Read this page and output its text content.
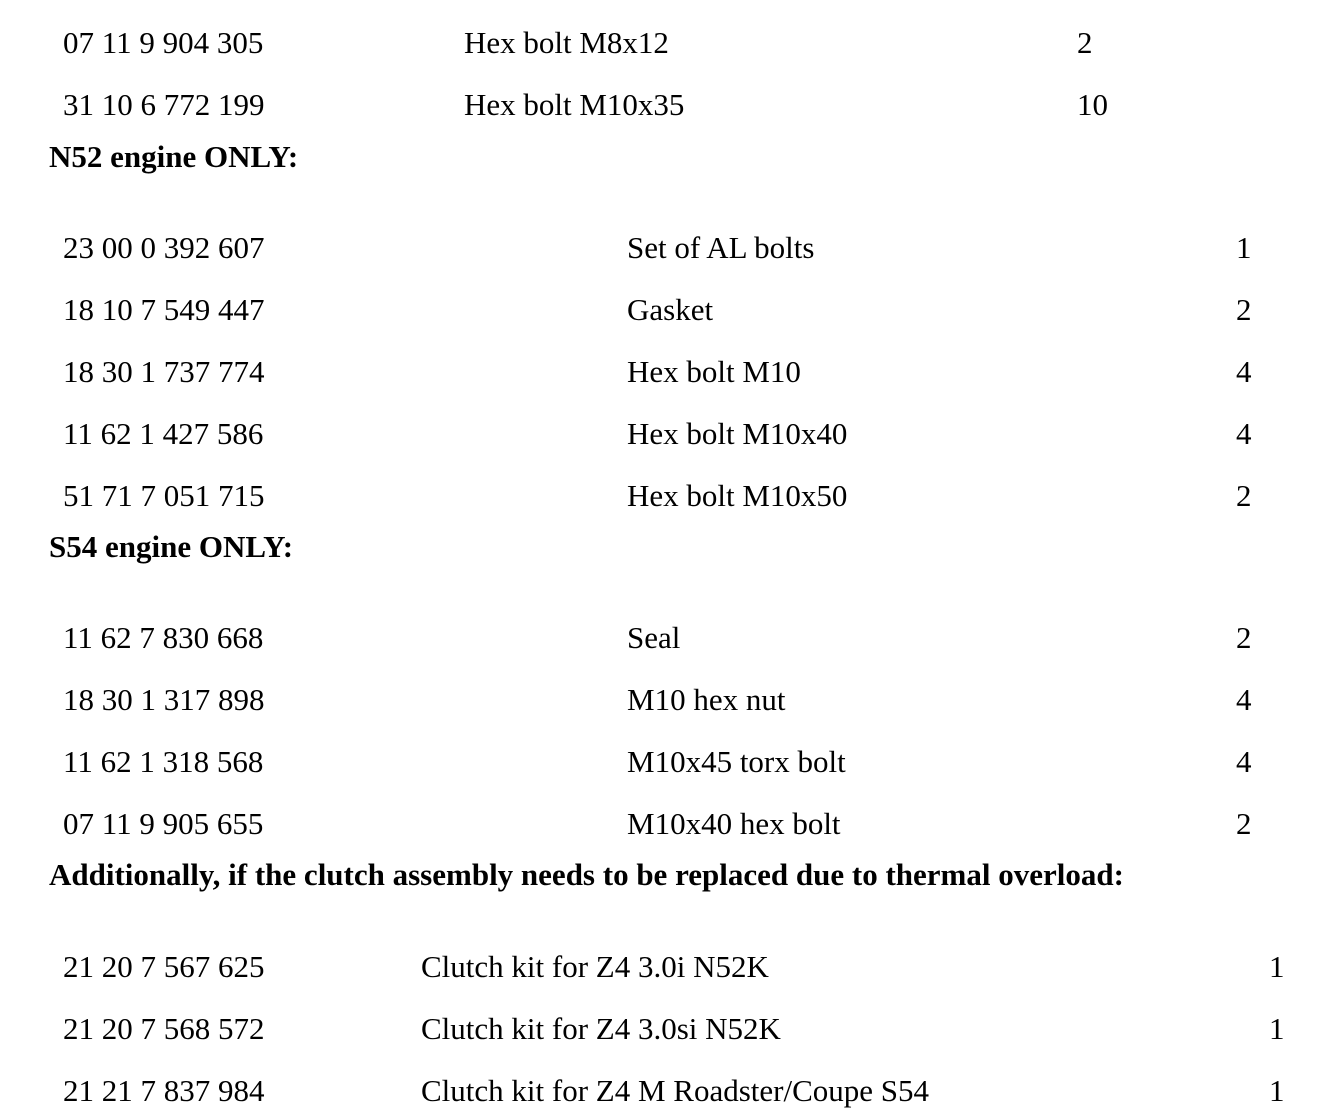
07 11 9 904 305	Hex bolt M8x12	2
31 10 6 772 199	Hex bolt M10x35	10
N52 engine ONLY:
23 00 0 392 607	Set of AL bolts	1
18 10 7 549 447	Gasket	2
18 30 1 737 774	Hex bolt M10	4
11 62 1 427 586	Hex bolt M10x40	4
51 71 7 051 715	Hex bolt M10x50	2
S54 engine ONLY:
11 62 7 830 668	Seal	2
18 30 1 317 898	M10 hex nut	4
11 62 1 318 568	M10x45 torx bolt	4
07 11 9 905 655	M10x40 hex bolt	2
Additionally, if the clutch assembly needs to be replaced due to thermal overload:
21 20 7 567 625	Clutch kit for Z4 3.0i N52K	1
21 20 7 568 572	Clutch kit for Z4 3.0si N52K	1
21 21 7 837 984	Clutch kit for Z4 M Roadster/Coupe S54	1
